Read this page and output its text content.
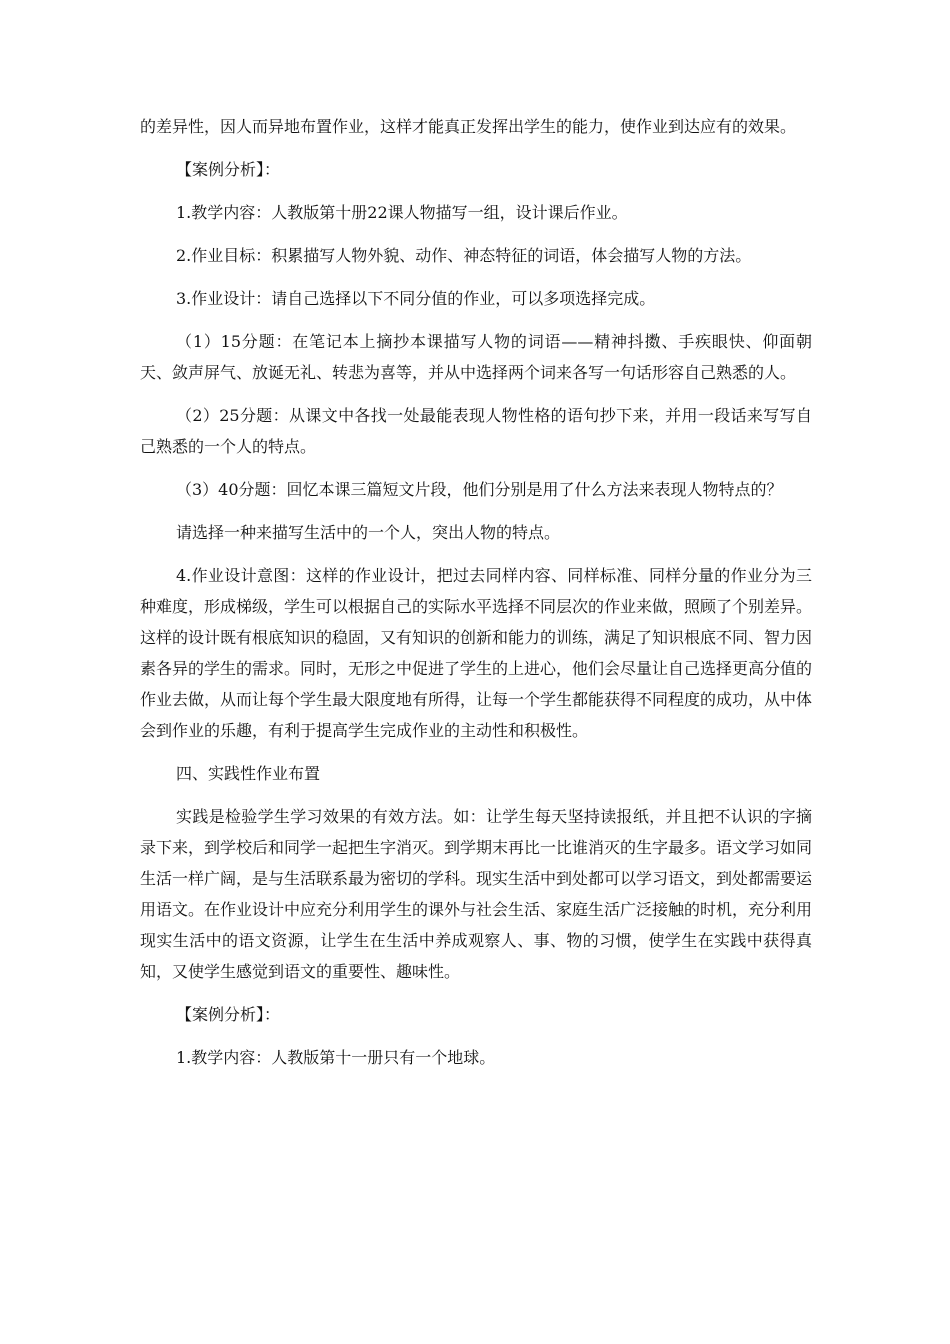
的差异性，因人而异地布置作业，这样才能真正发挥出学生的能力，使作业到达应有的效果。

【案例分析】：

1.教学内容：人教版第十册22课人物描写一组，设计课后作业。

2.作业目标：积累描写人物外貌、动作、神态特征的词语，体会描写人物的方法。

3.作业设计：请自己选择以下不同分值的作业，可以多项选择完成。

（1）15分题：在笔记本上摘抄本课描写人物的词语——精神抖擞、手疾眼快、仰面朝天、敛声屏气、放诞无礼、转悲为喜等，并从中选择两个词来各写一句话形容自己熟悉的人。

（2）25分题：从课文中各找一处最能表现人物性格的语句抄下来，并用一段话来写写自己熟悉的一个人的特点。

（3）40分题：回忆本课三篇短文片段，他们分别是用了什么方法来表现人物特点的？

请选择一种来描写生活中的一个人，突出人物的特点。

4.作业设计意图：这样的作业设计，把过去同样内容、同样标准、同样分量的作业分为三种难度，形成梯级，学生可以根据自己的实际水平选择不同层次的作业来做，照顾了个别差异。这样的设计既有根底知识的稳固，又有知识的创新和能力的训练，满足了知识根底不同、智力因素各异的学生的需求。同时，无形之中促进了学生的上进心，他们会尽量让自己选择更高分值的作业去做，从而让每个学生最大限度地有所得，让每一个学生都能获得不同程度的成功，从中体会到作业的乐趣，有利于提高学生完成作业的主动性和积极性。

四、实践性作业布置

实践是检验学生学习效果的有效方法。如：让学生每天坚持读报纸，并且把不认识的字摘录下来，到学校后和同学一起把生字消灭。到学期末再比一比谁消灭的生字最多。语文学习如同生活一样广阔，是与生活联系最为密切的学科。现实生活中到处都可以学习语文，到处都需要运用语文。在作业设计中应充分利用学生的课外与社会生活、家庭生活广泛接触的时机，充分利用现实生活中的语文资源，让学生在生活中养成观察人、事、物的习惯，使学生在实践中获得真知，又使学生感觉到语文的重要性、趣味性。

【案例分析】：

1.教学内容：人教版第十一册只有一个地球。
